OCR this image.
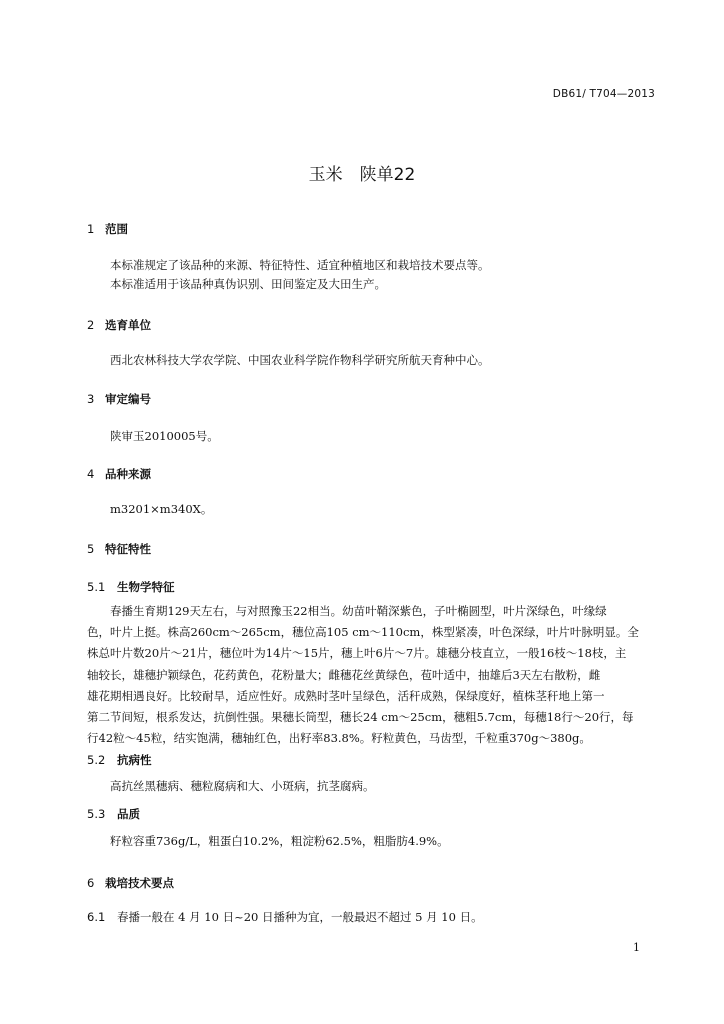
DB61/ T704—2013
玉米　陕单22
1 范围
本标准规定了该品种的来源、特征特性、适宜种植地区和栽培技术要点等。
本标准适用于该品种真伪识别、田间鉴定及大田生产。
2 选育单位
西北农林科技大学农学院、中国农业科学院作物科学研究所航天育种中心。
3 审定编号
陕审玉2010005号。
4 品种来源
m3201×m340X。
5 特征特性
5.1 生物学特征
春播生育期129天左右，与对照豫玉22相当。幼苗叶鞘深紫色，子叶椭圆型，叶片深绿色，叶缘绿
色，叶片上挺。株高260cm～265cm，穗位高105 cm～110cm，株型紧凑，叶色深绿，叶片叶脉明显。全
株总叶片数20片～21片，穗位叶为14片～15片，穗上叶6片～7片。雄穗分枝直立，一般16枝～18枝，主
轴较长，雄穗护颖绿色，花药黄色，花粉量大；雌穗花丝黄绿色，苞叶适中，抽雄后3天左右散粉，雌
雄花期相遇良好。比较耐旱，适应性好。成熟时茎叶呈绿色，活秆成熟，保绿度好，植株茎秆地上第一
第二节间短，根系发达，抗倒性强。果穗长筒型，穗长24 cm～25cm，穗粗5.7cm，每穗18行～20行，每
行42粒～45粒，结实饱满，穗轴红色，出籽率83.8%。籽粒黄色，马齿型，千粒重370g～380g。
5.2 抗病性
高抗丝黑穗病、穗粒腐病和大、小斑病，抗茎腐病。
5.3 品质
籽粒容重736g/L，粗蛋白10.2%，粗淀粉62.5%，粗脂肪4.9%。
6 栽培技术要点
6.1 春播一般在 4 月 10 日~20 日播种为宜，一般最迟不超过 5 月 10 日。
1
